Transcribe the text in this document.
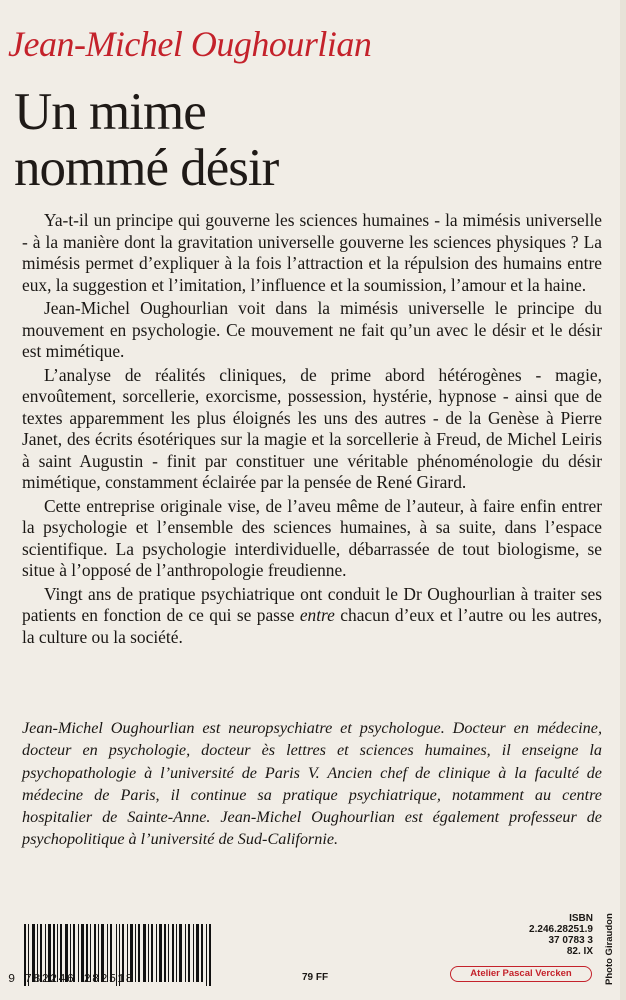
Jean-Michel Oughourlian
Un mime
nommé désir

Ya-t-il un principe qui gouverne les sciences humaines - la mimésis universelle - à la manière dont la gravitation universelle gouverne les sciences physiques ? La mimésis permet d’expliquer à la fois l’attraction et la répulsion des humains entre eux, la suggestion et l’imitation, l’influence et la soumission, l’amour et la haine.

Jean-Michel Oughourlian voit dans la mimésis universelle le principe du mouvement en psychologie. Ce mouvement ne fait qu’un avec le désir et le désir est mimétique.

L’analyse de réalités cliniques, de prime abord hétérogènes - magie, envoûtement, sorcellerie, exorcisme, possession, hystérie, hypnose - ainsi que de textes apparemment les plus éloignés les uns des autres - de la Genèse à Pierre Janet, des écrits ésotériques sur la magie et la sorcellerie à Freud, de Michel Leiris à saint Augustin - finit par constituer une véritable phénoménologie du désir mimétique, constamment éclairée par la pensée de René Girard.

Cette entreprise originale vise, de l’aveu même de l’auteur, à faire enfin entrer la psychologie et l’ensemble des sciences humaines, à sa suite, dans l’espace scientifique. La psychologie interdividuelle, débarrassée de tout biologisme, se situe à l’opposé de l’anthropologie freudienne.

Vingt ans de pratique psychiatrique ont conduit le Dr Oughourlian à traiter ses patients en fonction de ce qui se passe entre chacun d’eux et l’autre ou les autres, la culture ou la société.

Jean-Michel Oughourlian est neuropsychiatre et psychologue. Docteur en médecine, docteur en psychologie, docteur ès lettres et sciences humaines, il enseigne la psychopathologie à l’université de Paris V. Ancien chef de clinique à la faculté de médecine de Paris, il continue sa pratique psychiatrique, notamment au centre hospitalier de Sainte-Anne. Jean-Michel Oughourlian est également professeur de psychopolitique à l’université de Sud-Californie.
ISBN 2.246.28251.9
37 0783 3
82. IX Photo Giraudon
9 782246 282518	79 FF	Atelier Pascal Vercken
